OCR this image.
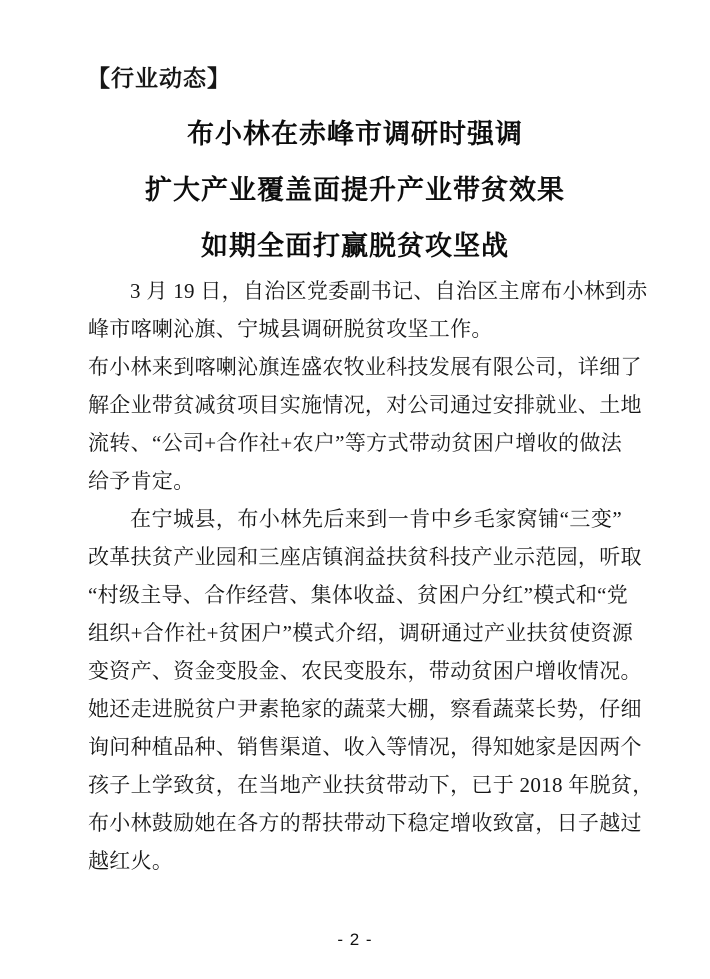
【行业动态】
布小林在赤峰市调研时强调
扩大产业覆盖面提升产业带贫效果
如期全面打赢脱贫攻坚战
3 月 19 日，自治区党委副书记、自治区主席布小林到赤
峰市喀喇沁旗、宁城县调研脱贫攻坚工作。
布小林来到喀喇沁旗连盛农牧业科技发展有限公司，详细了
解企业带贫减贫项目实施情况，对公司通过安排就业、土地
流转、“公司+合作社+农户”等方式带动贫困户增收的做法
给予肯定。
在宁城县，布小林先后来到一肯中乡毛家窝铺“三变”
改革扶贫产业园和三座店镇润益扶贫科技产业示范园，听取
“村级主导、合作经营、集体收益、贫困户分红”模式和“党
组织+合作社+贫困户”模式介绍，调研通过产业扶贫使资源
变资产、资金变股金、农民变股东，带动贫困户增收情况。
她还走进脱贫户尹素艳家的蔬菜大棚，察看蔬菜长势，仔细
询问种植品种、销售渠道、收入等情况，得知她家是因两个
孩子上学致贫，在当地产业扶贫带动下，已于 2018 年脱贫，
布小林鼓励她在各方的帮扶带动下稳定增收致富，日子越过
越红火。
- 2 -
